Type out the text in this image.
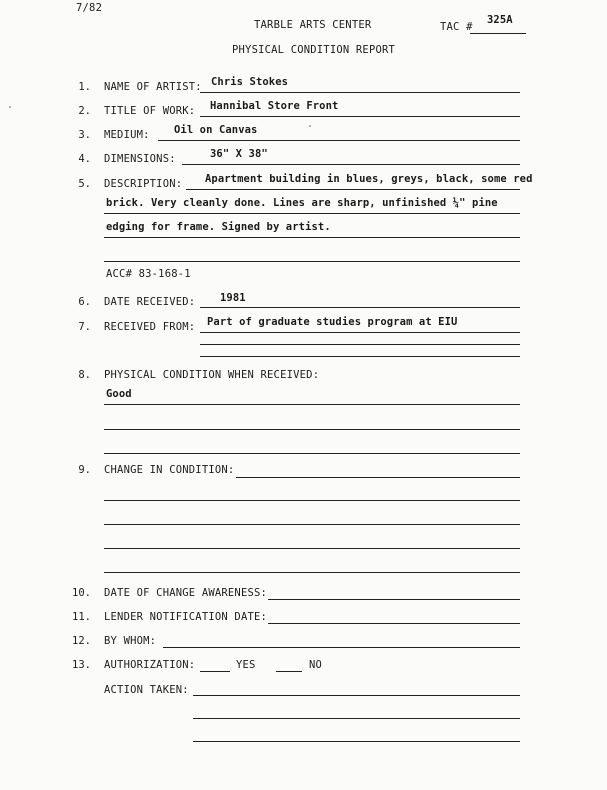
7/82
TARBLE ARTS CENTER	TAC #
325A
PHYSICAL CONDITION REPORT
1. NAME OF ARTIST: Chris Stokes
2. TITLE OF WORK: Hannibal Store Front
3. MEDIUM: Oil on Canvas
4. DIMENSIONS:	36" X 38"
5. DESCRIPTION: Apartment building in blues, greys, black, some red
brick. Very cleanly done. Lines are sharp, unfinished ¼" pine
edging for frame. Signed by artist.
ACC# 83-168-1
6. DATE RECEIVED: 1981
7. RECEIVED FROM: Part of graduate studies program at EIU
8. PHYSICAL CONDITION WHEN RECEIVED:
Good
9. CHANGE IN CONDITION:
10. DATE OF CHANGE AWARENESS:
11. LENDER NOTIFICATION DATE:
12. BY WHOM:
13. AUTHORIZATION:	YES	NO
ACTION TAKEN:
